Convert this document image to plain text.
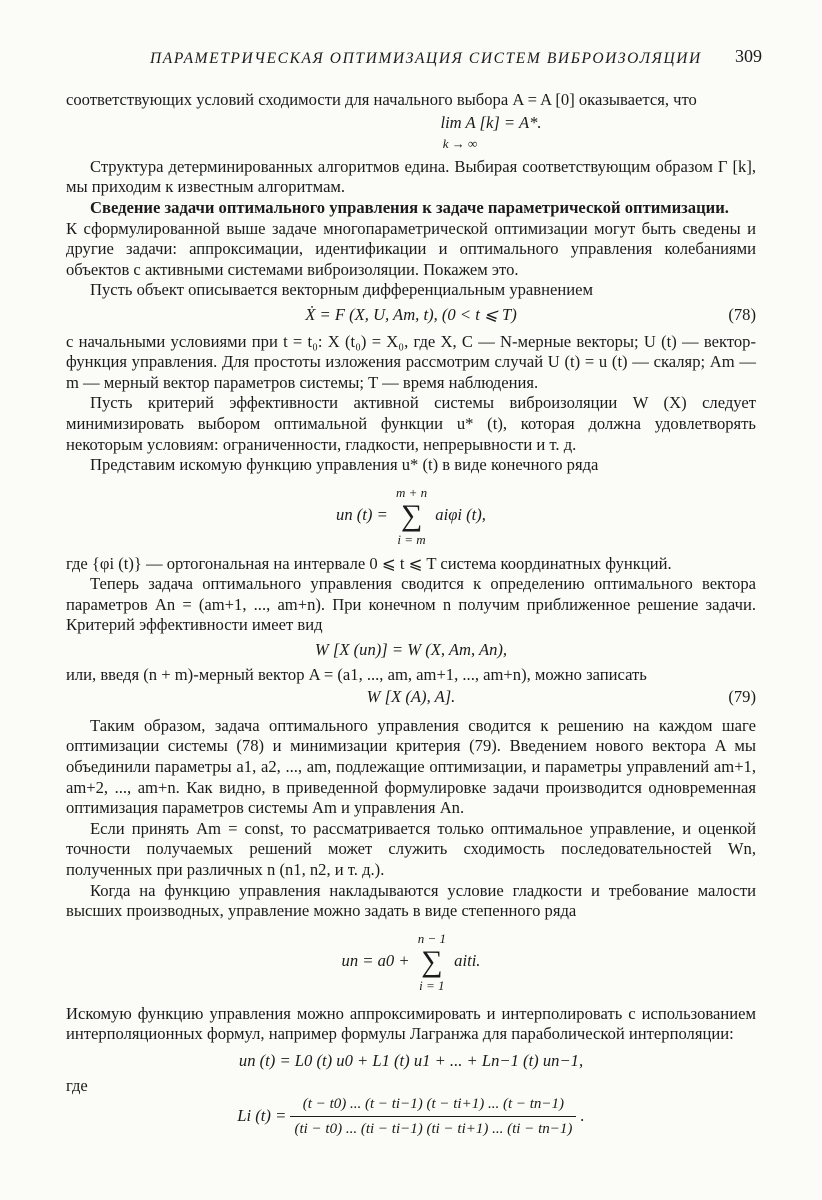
ПАРАМЕТРИЧЕСКАЯ ОПТИМИЗАЦИЯ СИСТЕМ ВИБРОИЗОЛЯЦИИ 309

соответствующих условий сходимости для начального выбора A = A [0] оказывается, что

lim A [k] = A*.
k → ∞

Структура детерминированных алгоритмов едина. Выбирая соответствующим образом Γ [k], мы приходим к известным алгоритмам.

Сведение задачи оптимального управления к задаче параметрической оптимизации.

К сформулированной выше задаче многопараметрической оптимизации могут быть сведены и другие задачи: аппроксимации, идентификации и оптимального управления колебаниями объектов с активными системами виброизоляции. Покажем это.

Пусть объект описывается векторным дифференциальным уравнением

Ẋ = F (X, U, Am, t), (0 < t ⩽ T)	(78)

с начальными условиями при t = t₀: X (t₀) = X₀, где X, C — N-мерные векторы; U (t) — вектор-функция управления. Для простоты изложения рассмотрим случай U (t) = u (t) — скаляр; Am — m — мерный вектор параметров системы; T — время наблюдения.

Пусть критерий эффективности активной системы виброизоляции W (X) следует минимизировать выбором оптимальной функции u* (t), которая должна удовлетворять некоторым условиям: ограниченности, гладкости, непрерывности и т. д.

Представим искомую функцию управления u* (t) в виде конечного ряда

un (t) = m + n
∑
i = m aiφi (t),

где {φi (t)} — ортогональная на интервале 0 ⩽ t ⩽ T система координатных функций.

Теперь задача оптимального управления сводится к определению оптимального вектора параметров An = (am+1, ..., am+n). При конечном n получим приближенное решение задачи. Критерий эффективности имеет вид

W [X (un)] = W (X, Am, An),

или, введя (n + m)-мерный вектор A = (a1, ..., am, am+1, ..., am+n), можно записать

W [X (A), A].	(79)

Таким образом, задача оптимального управления сводится к решению на каждом шаге оптимизации системы (78) и минимизации критерия (79). Введением нового вектора A мы объединили параметры a1, a2, ..., am, подлежащие оптимизации, и параметры управлений am+1, am+2, ..., am+n. Как видно, в приведенной формулировке задачи производится одновременная оптимизация параметров системы Am и управления An.

Если принять Am = const, то рассматривается только оптимальное управление, и оценкой точности получаемых решений может служить сходимость последовательностей Wn, полученных при различных n (n1, n2, и т. д.).

Когда на функцию управления накладываются условие гладкости и требование малости высших производных, управление можно задать в виде степенного ряда

un = a0 + n − 1
∑
i = 1 aiti.

Искомую функцию управления можно аппроксимировать и интерполировать с использованием интерполяционных формул, например формулы Лагранжа для параболической интерполяции:

un (t) = L0 (t) u0 + L1 (t) u1 + ... + Ln−1 (t) un−1,
где
Li $(t) = \frac{(t - t0) ... (t - ti-1) (t - ti+1) ... (t - tn-1)}{(ti - t0) ... (ti - ti-1) (ti - ti+1) ... (ti - tn-1)}$ .
